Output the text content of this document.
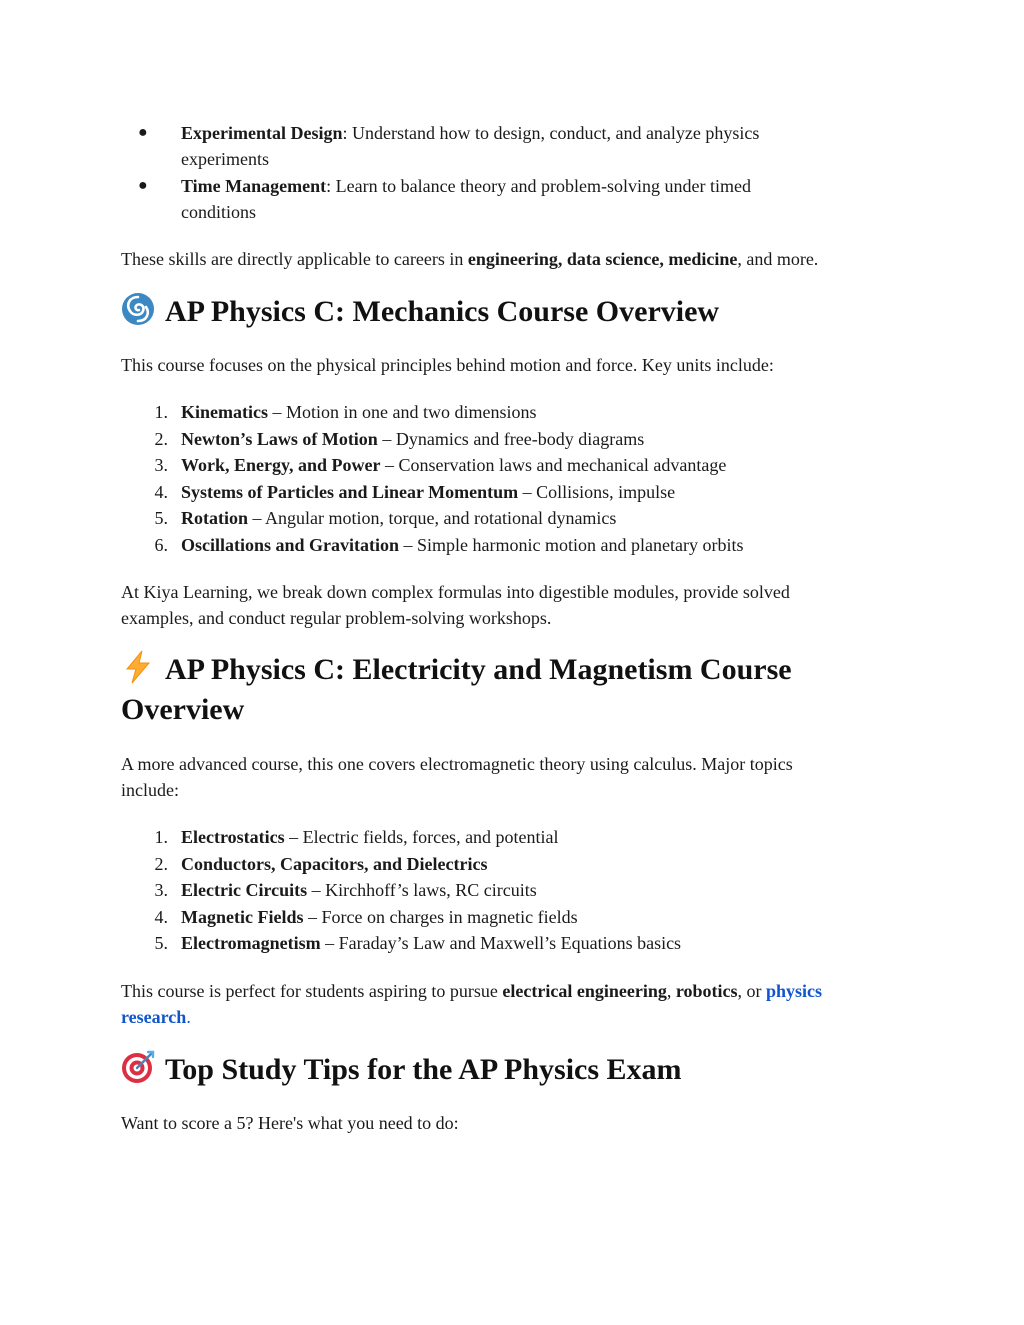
● Experimental Design: Understand how to design, conduct, and analyze physics
experiments
● Time Management: Learn to balance theory and problem-solving under timed
conditions
These skills are directly applicable to careers in engineering, data science, medicine, and more.
AP Physics C: Mechanics Course Overview
This course focuses on the physical principles behind motion and force. Key units include:
1. Kinematics – Motion in one and two dimensions
2. Newton’s Laws of Motion – Dynamics and free-body diagrams
3. Work, Energy, and Power – Conservation laws and mechanical advantage
4. Systems of Particles and Linear Momentum – Collisions, impulse
5. Rotation – Angular motion, torque, and rotational dynamics
6. Oscillations and Gravitation – Simple harmonic motion and planetary orbits
At Kiya Learning, we break down complex formulas into digestible modules, provide solved
examples, and conduct regular problem-solving workshops.
AP Physics C: Electricity and Magnetism Course
Overview
A more advanced course, this one covers electromagnetic theory using calculus. Major topics
include:
1. Electrostatics – Electric fields, forces, and potential
2. Conductors, Capacitors, and Dielectrics
3. Electric Circuits – Kirchhoff’s laws, RC circuits
4. Magnetic Fields – Force on charges in magnetic fields
5. Electromagnetism – Faraday’s Law and Maxwell’s Equations basics
This course is perfect for students aspiring to pursue electrical engineering, robotics, or physics
research.
Top Study Tips for the AP Physics Exam
Want to score a 5? Here's what you need to do:
